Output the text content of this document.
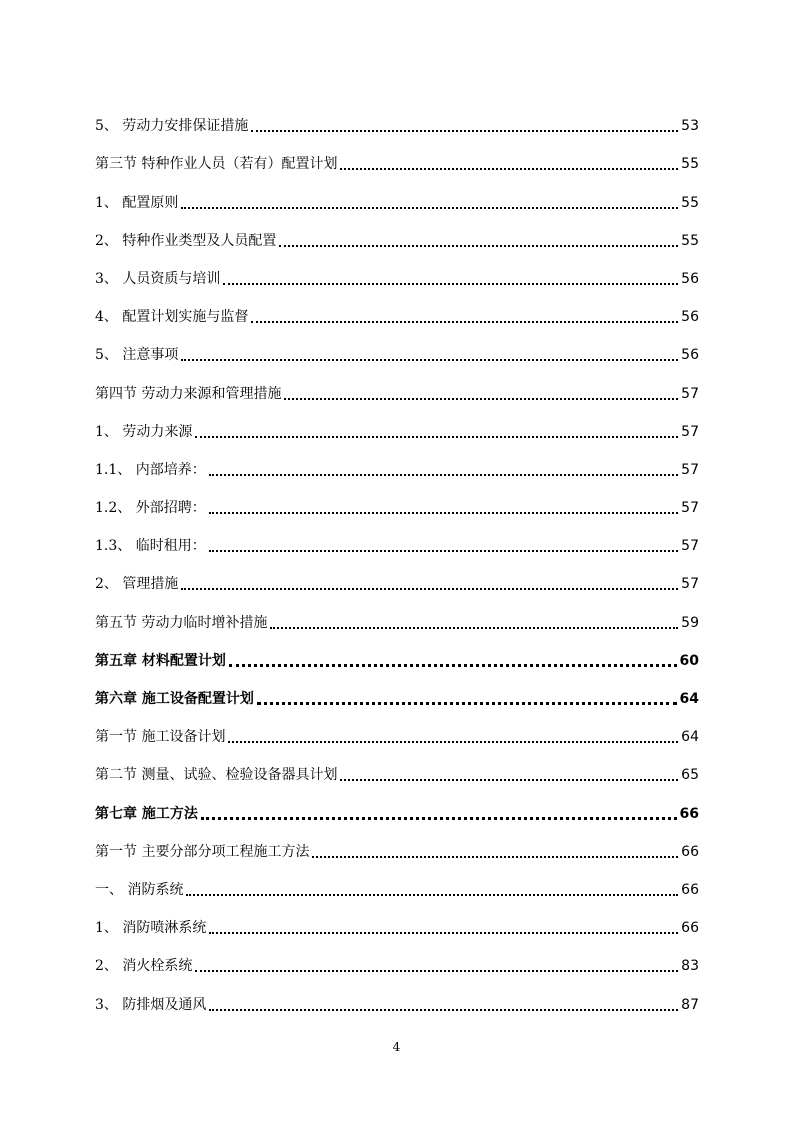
5、 劳动力安排保证措施	53
第三节 特种作业人员（若有）配置计划	55
1、 配置原则	55
2、 特种作业类型及人员配置	55
3、 人员资质与培训	56
4、 配置计划实施与监督	56
5、 注意事项	56
第四节 劳动力来源和管理措施	57
1、 劳动力来源	57
1.1、 内部培养：	57
1.2、 外部招聘：	57
1.3、 临时租用：	57
2、 管理措施	57
第五节 劳动力临时增补措施	59
第五章 材料配置计划	60
第六章 施工设备配置计划	64
第一节 施工设备计划	64
第二节 测量、试验、检验设备器具计划	65
第七章 施工方法	66
第一节 主要分部分项工程施工方法	66
一、 消防系统	66
1、 消防喷淋系统	66
2、 消火栓系统	83
3、 防排烟及通风	87
4
